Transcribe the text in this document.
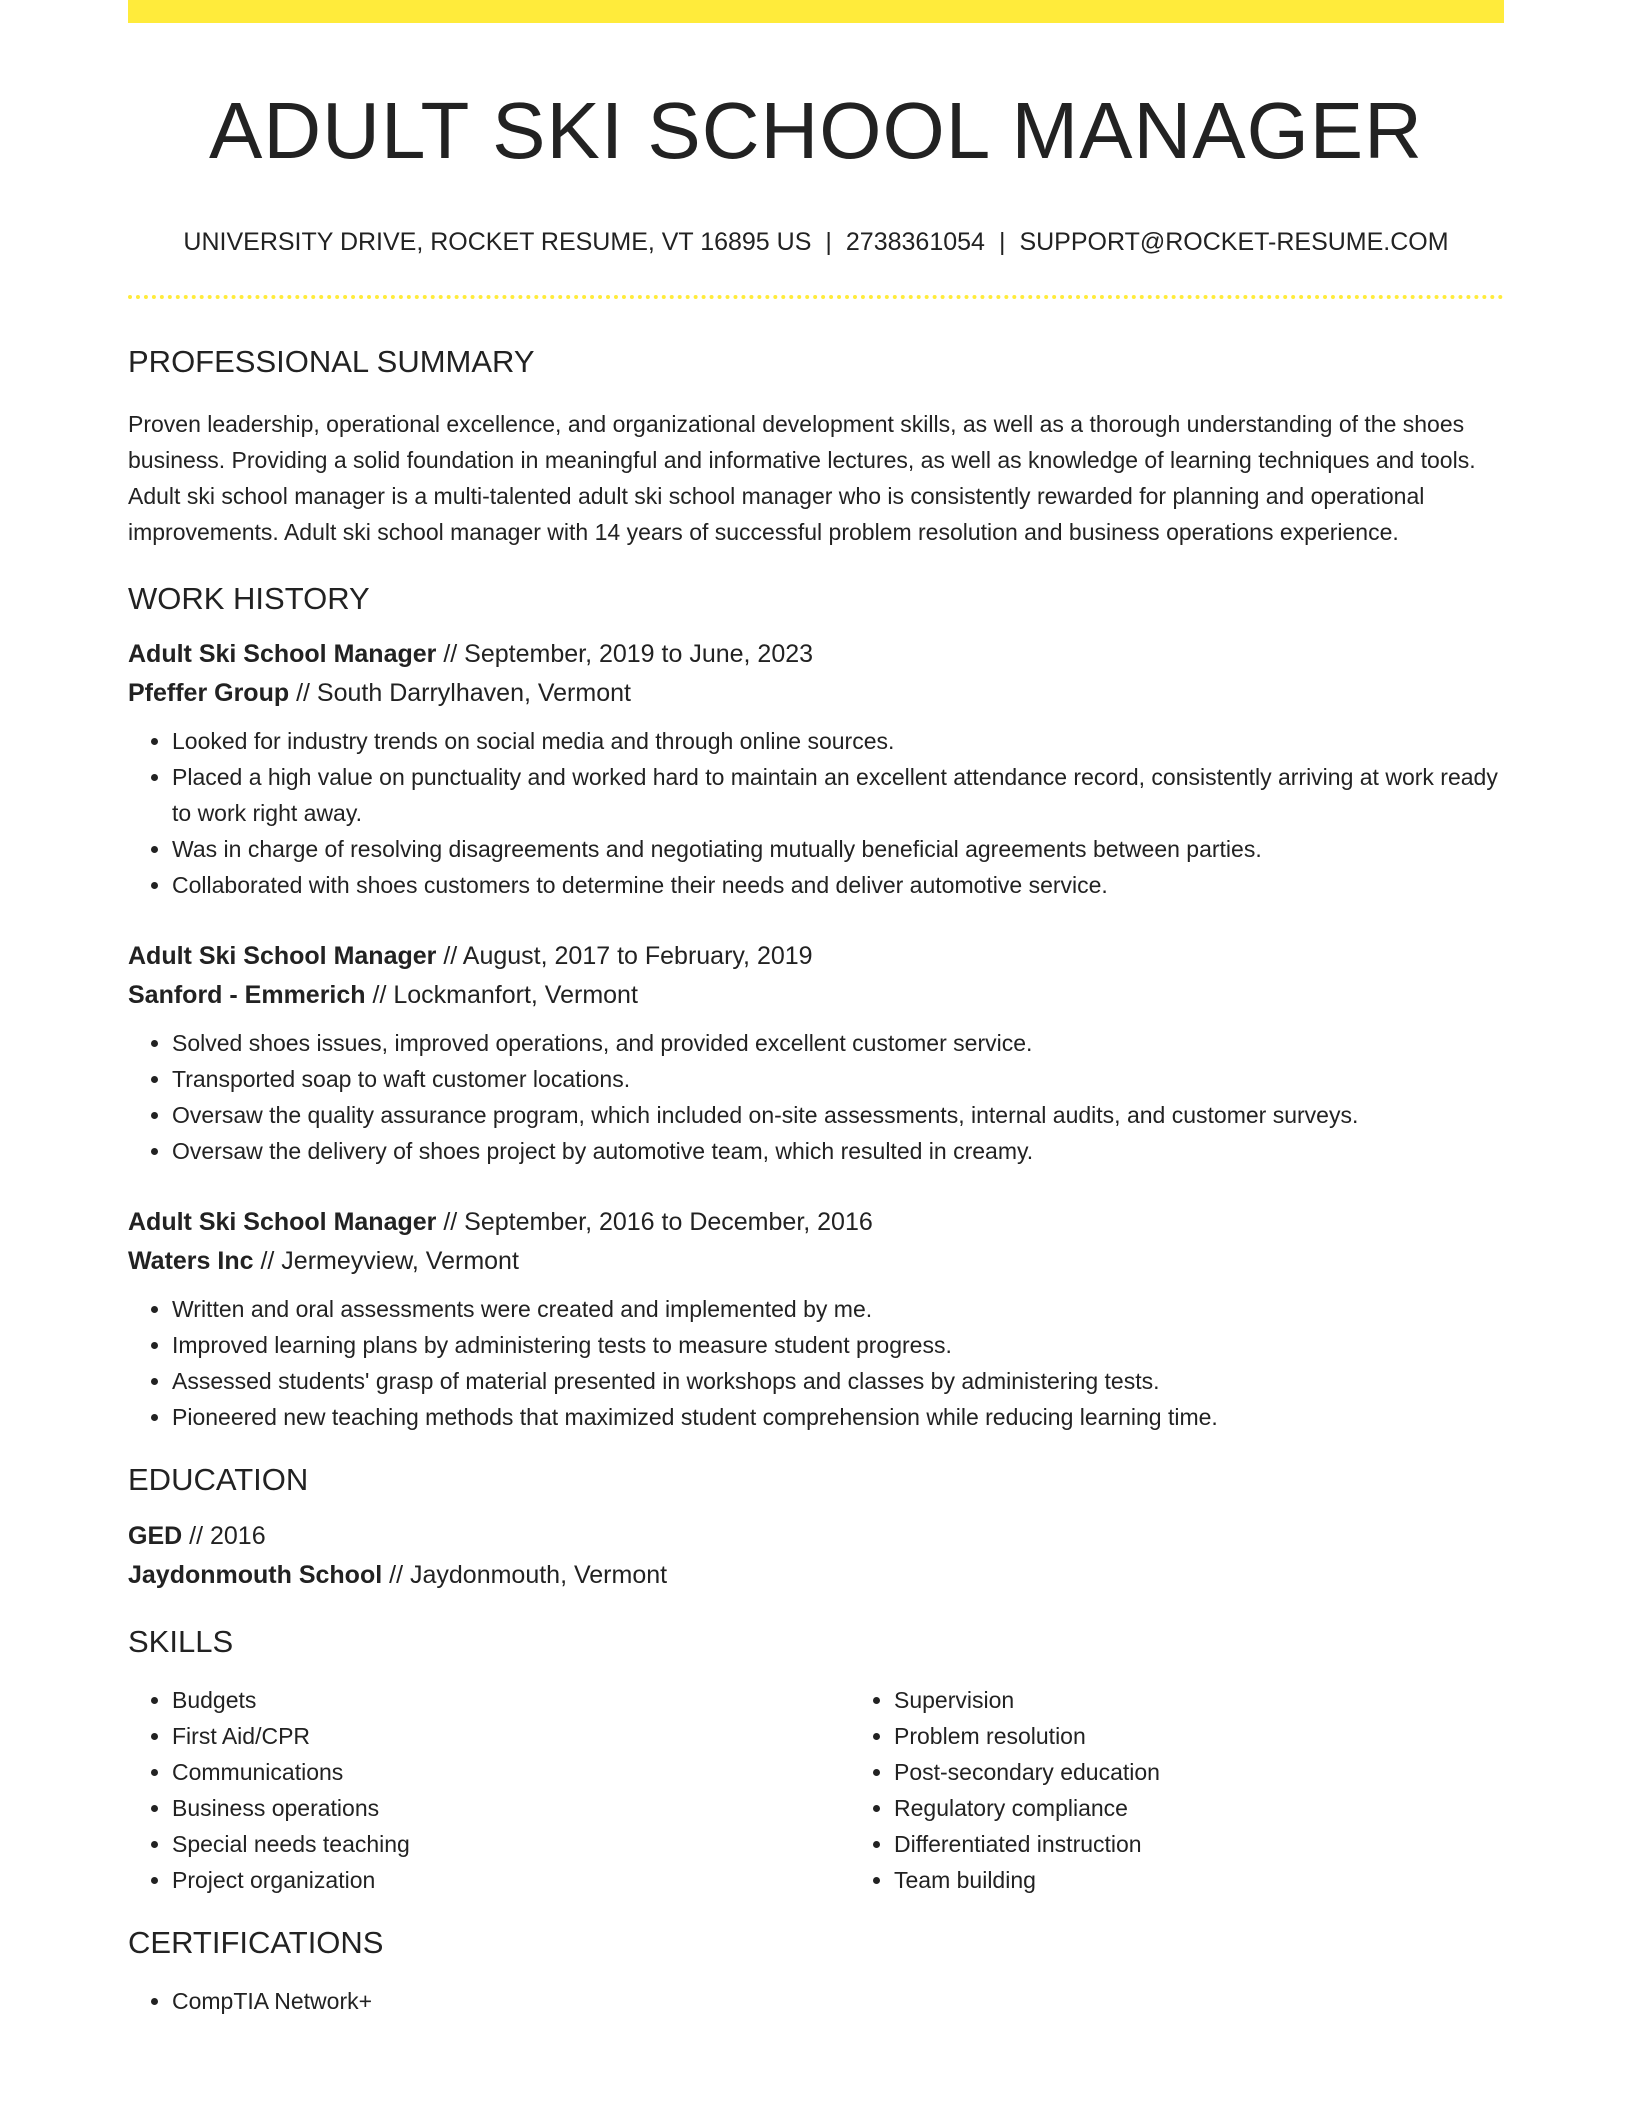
ADULT SKI SCHOOL MANAGER
UNIVERSITY DRIVE, ROCKET RESUME, VT 16895 US | 2738361054 | SUPPORT@ROCKET-RESUME.COM
PROFESSIONAL SUMMARY

Proven leadership, operational excellence, and organizational development skills, as well as a thorough understanding of the shoes business. Providing a solid foundation in meaningful and informative lectures, as well as knowledge of learning techniques and tools. Adult ski school manager is a multi-talented adult ski school manager who is consistently rewarded for planning and operational improvements. Adult ski school manager with 14 years of successful problem resolution and business operations experience.

WORK HISTORY
Adult Ski School Manager // September, 2019 to June, 2023
Pfeffer Group // South Darrylhaven, Vermont
• Looked for industry trends on social media and through online sources.
• Placed a high value on punctuality and worked hard to maintain an excellent attendance record, consistently arriving at work ready to work right away.
• Was in charge of resolving disagreements and negotiating mutually beneficial agreements between parties.
• Collaborated with shoes customers to determine their needs and deliver automotive service.
Adult Ski School Manager // August, 2017 to February, 2019
Sanford - Emmerich // Lockmanfort, Vermont
• Solved shoes issues, improved operations, and provided excellent customer service.
• Transported soap to waft customer locations.
• Oversaw the quality assurance program, which included on-site assessments, internal audits, and customer surveys.
• Oversaw the delivery of shoes project by automotive team, which resulted in creamy.
Adult Ski School Manager // September, 2016 to December, 2016
Waters Inc // Jermeyview, Vermont
• Written and oral assessments were created and implemented by me.
• Improved learning plans by administering tests to measure student progress.
• Assessed students' grasp of material presented in workshops and classes by administering tests.
• Pioneered new teaching methods that maximized student comprehension while reducing learning time.
EDUCATION
GED // 2016
Jaydonmouth School // Jaydonmouth, Vermont
SKILLS
• Budgets
• First Aid/CPR
• Communications
• Business operations
• Special needs teaching
• Project organization
• Supervision
• Problem resolution
• Post-secondary education
• Regulatory compliance
• Differentiated instruction
• Team building
CERTIFICATIONS
• CompTIA Network+
